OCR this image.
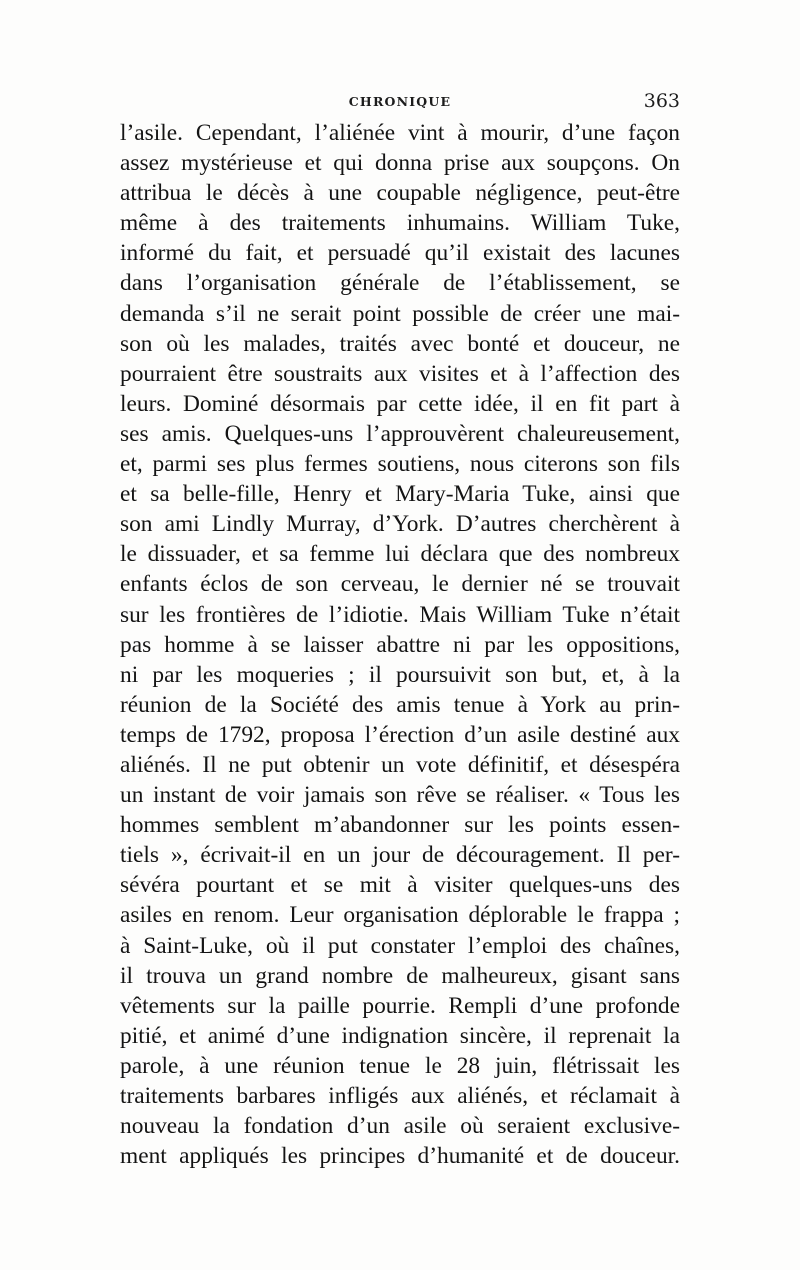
CHRONIQUE	363
l’asile. Cependant, l’aliénée vint à mourir, d’une façon
assez mystérieuse et qui donna prise aux soupçons. On
attribua le décès à une coupable négligence, peut-être
même à des traitements inhumains. William Tuke,
informé du fait, et persuadé qu’il existait des lacunes
dans l’organisation générale de l’établissement, se
demanda s’il ne serait point possible de créer une mai-
son où les malades, traités avec bonté et douceur, ne
pourraient être soustraits aux visites et à l’affection des
leurs. Dominé désormais par cette idée, il en fit part à
ses amis. Quelques-uns l’approuvèrent chaleureusement,
et, parmi ses plus fermes soutiens, nous citerons son fils
et sa belle-fille, Henry et Mary-Maria Tuke, ainsi que
son ami Lindly Murray, d’York. D’autres cherchèrent à
le dissuader, et sa femme lui déclara que des nombreux
enfants éclos de son cerveau, le dernier né se trouvait
sur les frontières de l’idiotie. Mais William Tuke n’était
pas homme à se laisser abattre ni par les oppositions,
ni par les moqueries ; il poursuivit son but, et, à la
réunion de la Société des amis tenue à York au prin-
temps de 1792, proposa l’érection d’un asile destiné aux
aliénés. Il ne put obtenir un vote définitif, et désespéra
un instant de voir jamais son rêve se réaliser. « Tous les
hommes semblent m’abandonner sur les points essen-
tiels », écrivait-il en un jour de découragement. Il per-
sévéra pourtant et se mit à visiter quelques-uns des
asiles en renom. Leur organisation déplorable le frappa ;
à Saint-Luke, où il put constater l’emploi des chaînes,
il trouva un grand nombre de malheureux, gisant sans
vêtements sur la paille pourrie. Rempli d’une profonde
pitié, et animé d’une indignation sincère, il reprenait la
parole, à une réunion tenue le 28 juin, flétrissait les
traitements barbares infligés aux aliénés, et réclamait à
nouveau la fondation d’un asile où seraient exclusive-
ment appliqués les principes d’humanité et de douceur.
